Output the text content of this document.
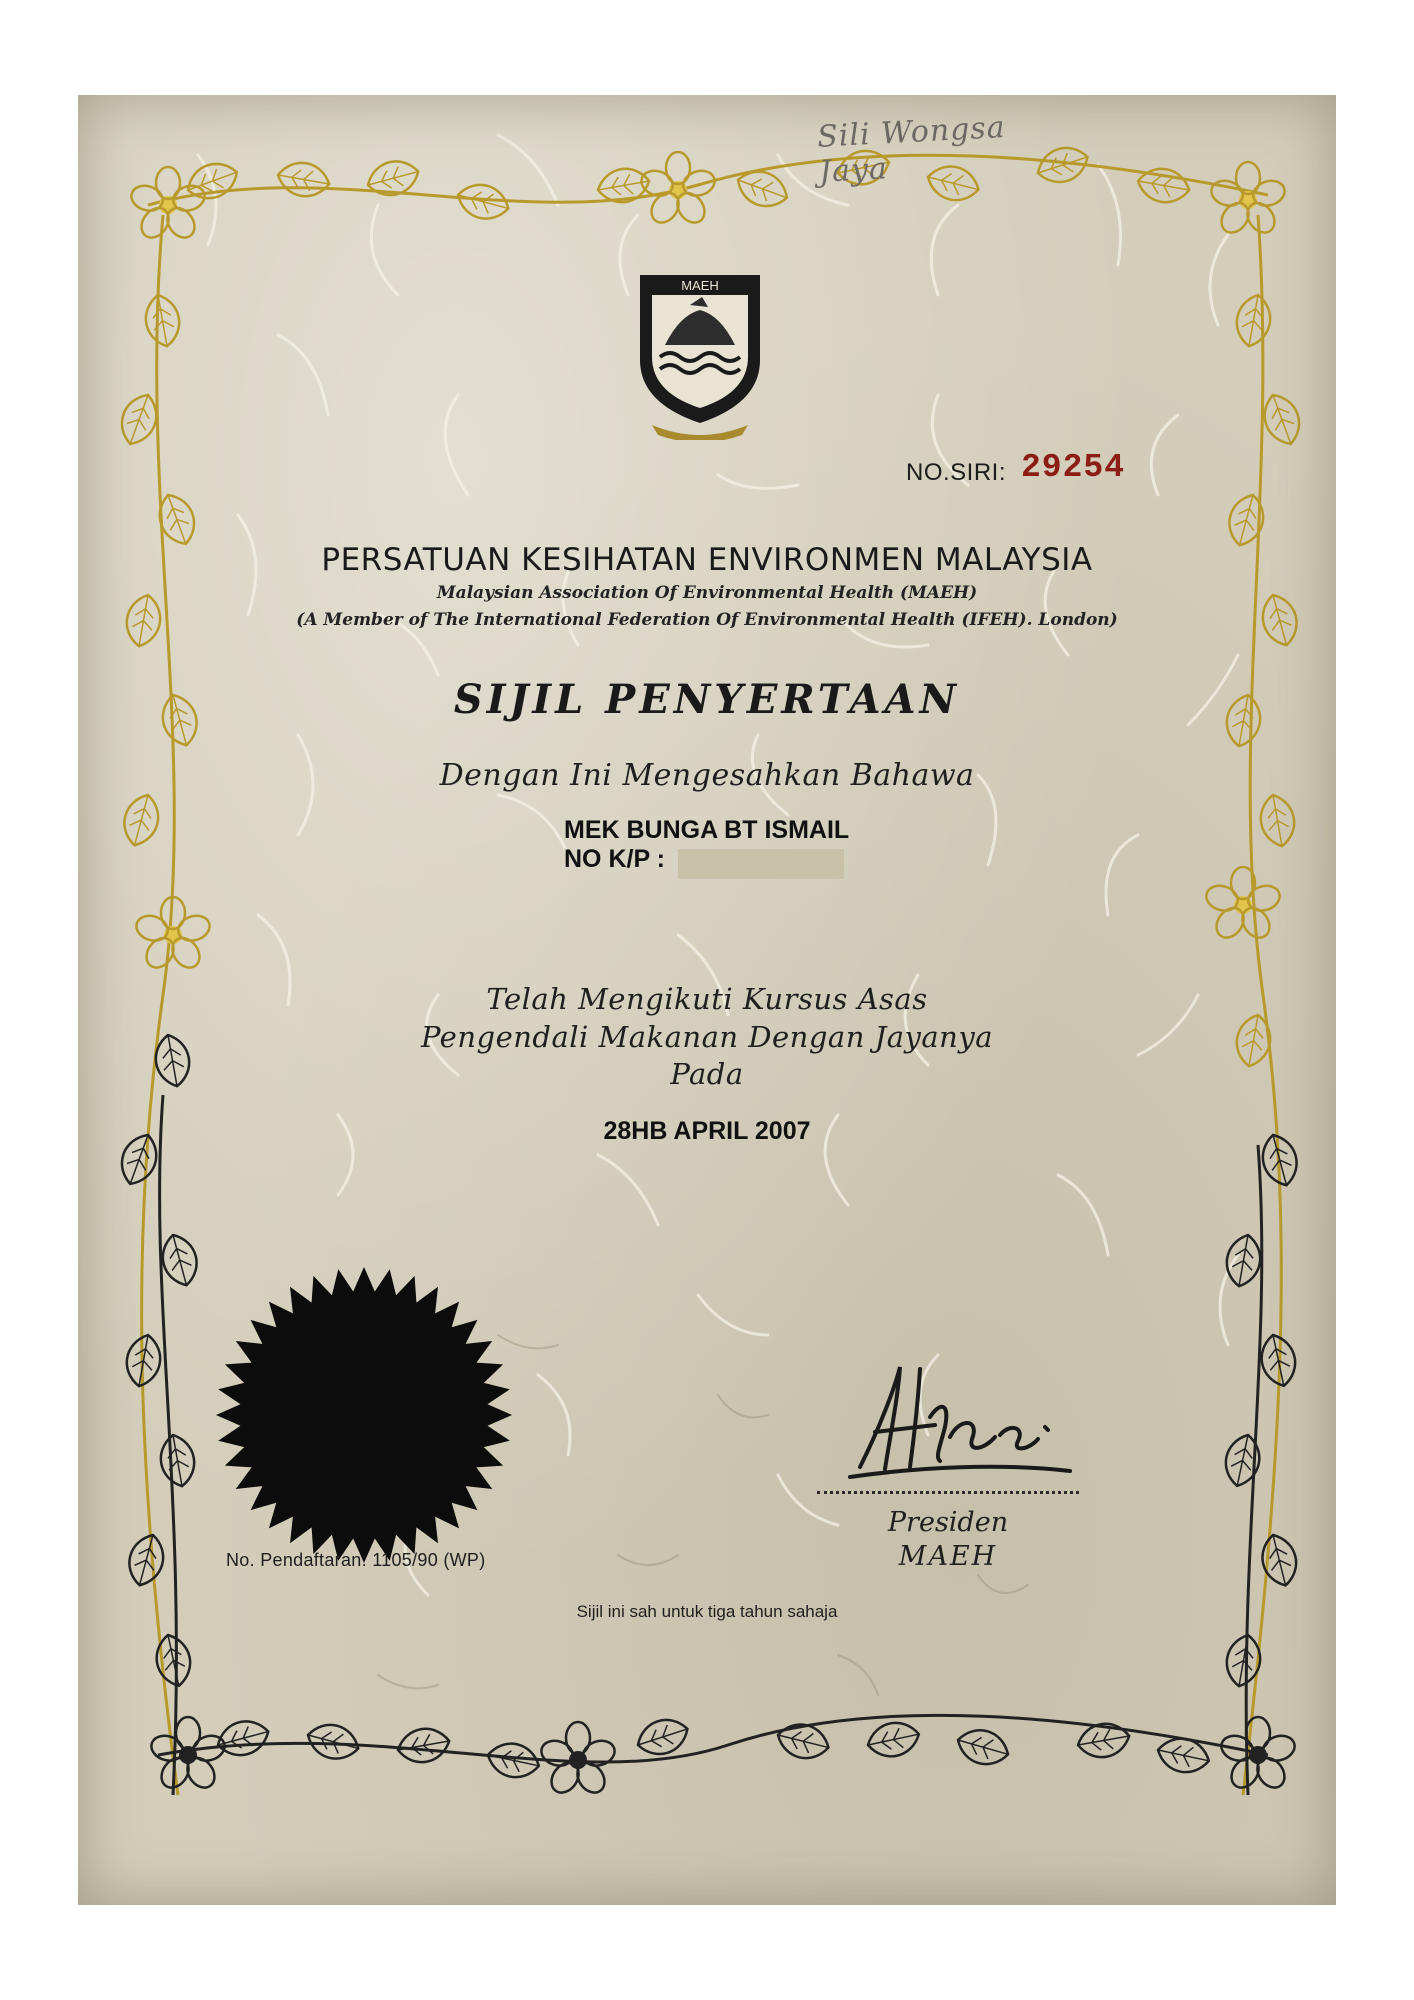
Sili Wongsa Jaya
MAEH
NO.SIRI: 29254
PERSATUAN KESIHATAN ENVIRONMEN MALAYSIA
Malaysian Association Of Environmental Health (MAEH)
(A Member of The International Federation Of Environmental Health (IFEH). London)
SIJIL PENYERTAAN
Dengan Ini Mengesahkan Bahawa
MEK BUNGA BT ISMAIL
NO K/P :
Telah Mengikuti Kursus Asas
Pengendali Makanan Dengan Jayanya
Pada
28HB APRIL 2007
No. Pendaftaran: 1105/90 (WP)
Sijil ini sah untuk tiga tahun sahaja
Presiden
MAEH
